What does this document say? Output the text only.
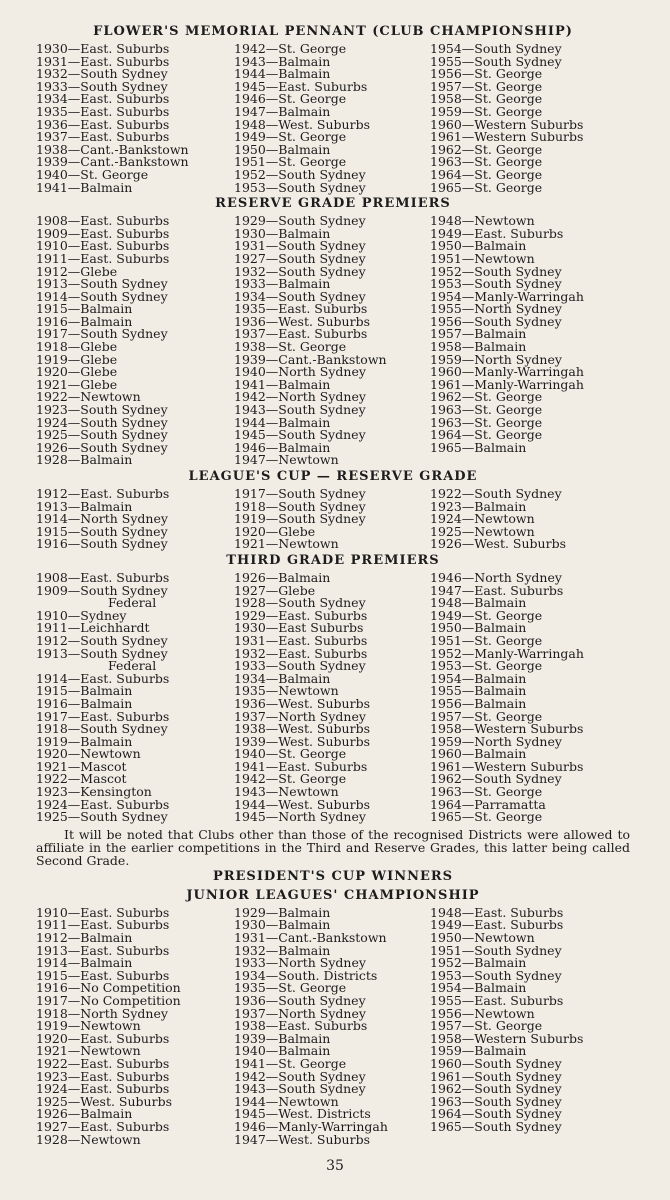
FLOWER'S MEMORIAL PENNANT (CLUB CHAMPIONSHIP)
1930—East. Suburbs
1931—East. Suburbs
1932—South Sydney
1933—South Sydney
1934—East. Suburbs
1935—East. Suburbs
1936—East. Suburbs
1937—East. Suburbs
1938—Cant.-Bankstown
1939—Cant.-Bankstown
1940—St. George
1941—Balmain
1942—St. George
1943—Balmain
1944—Balmain
1945—East. Suburbs
1946—St. George
1947—Balmain
1948—West. Suburbs
1949—St. George
1950—Balmain
1951—St. George
1952—South Sydney
1953—South Sydney
1954—South Sydney
1955—South Sydney
1956—St. George
1957—St. George
1958—St. George
1959—St. George
1960—Western Suburbs
1961—Western Suburbs
1962—St. George
1963—St. George
1964—St. George
1965—St. George
RESERVE GRADE PREMIERS
1908—East. Suburbs
1909—East. Suburbs
1910—East. Suburbs
1911—East. Suburbs
1912—Glebe
1913—South Sydney
1914—South Sydney
1915—Balmain
1916—Balmain
1917—South Sydney
1918—Glebe
1919—Glebe
1920—Glebe
1921—Glebe
1922—Newtown
1923—South Sydney
1924—South Sydney
1925—South Sydney
1926—South Sydney
1928—Balmain
1929—South Sydney
1930—Balmain
1931—South Sydney
1927—South Sydney
1932—South Sydney
1933—Balmain
1934—South Sydney
1935—East. Suburbs
1936—West. Suburbs
1937—East. Suburbs
1938—St. George
1939—Cant.-Bankstown
1940—North Sydney
1941—Balmain
1942—North Sydney
1943—South Sydney
1944—Balmain
1945—South Sydney
1946—Balmain
1947—Newtown
1948—Newtown
1949—East. Suburbs
1950—Balmain
1951—Newtown
1952—South Sydney
1953—South Sydney
1954—Manly-Warringah
1955—North Sydney
1956—South Sydney
1957—Balmain
1958—Balmain
1959—North Sydney
1960—Manly-Warringah
1961—Manly-Warringah
1962—St. George
1963—St. George
1963—St. George
1964—St. George
1965—Balmain
LEAGUE'S CUP — RESERVE GRADE
1912—East. Suburbs
1913—Balmain
1914—North Sydney
1915—South Sydney
1916—South Sydney
1917—South Sydney
1918—South Sydney
1919—South Sydney
1920—Glebe
1921—Newtown
1922—South Sydney
1923—Balmain
1924—Newtown
1925—Newtown
1926—West. Suburbs
THIRD GRADE PREMIERS
1908—East. Suburbs
1909—South Sydney
Federal
1910—Sydney
1911—Leichhardt
1912—South Sydney
1913—South Sydney
Federal
1914—East. Suburbs
1915—Balmain
1916—Balmain
1917—East. Suburbs
1918—South Sydney
1919—Balmain
1920—Newtown
1921—Mascot
1922—Mascot
1923—Kensington
1924—East. Suburbs
1925—South Sydney
1926—Balmain
1927—Glebe
1928—South Sydney
1929—East. Suburbs
1930—East Suburbs
1931—East. Suburbs
1932—East. Suburbs
1933—South Sydney
1934—Balmain
1935—Newtown
1936—West. Suburbs
1937—North Sydney
1938—West. Suburbs
1939—West. Suburbs
1940—St. George
1941—East. Suburbs
1942—St. George
1943—Newtown
1944—West. Suburbs
1945—North Sydney
1946—North Sydney
1947—East. Suburbs
1948—Balmain
1949—St. George
1950—Balmain
1951—St. George
1952—Manly-Warringah
1953—St. George
1954—Balmain
1955—Balmain
1956—Balmain
1957—St. George
1958—Western Suburbs
1959—North Sydney
1960—Balmain
1961—Western Suburbs
1962—South Sydney
1963—St. George
1964—Parramatta
1965—St. George
It will be noted that Clubs other than those of the recognised Districts were allowed to affiliate in the earlier competitions in the Third and Reserve Grades, this latter being called Second Grade.
PRESIDENT'S CUP WINNERS
JUNIOR LEAGUES' CHAMPIONSHIP
1910—East. Suburbs
1911—East. Suburbs
1912—Balmain
1913—East. Suburbs
1914—Balmain
1915—East. Suburbs
1916—No Competition
1917—No Competition
1918—North Sydney
1919—Newtown
1920—East. Suburbs
1921—Newtown
1922—East. Suburbs
1923—East. Suburbs
1924—East. Suburbs
1925—West. Suburbs
1926—Balmain
1927—East. Suburbs
1928—Newtown
1929—Balmain
1930—Balmain
1931—Cant.-Bankstown
1932—Balmain
1933—North Sydney
1934—South. Districts
1935—St. George
1936—South Sydney
1937—North Sydney
1938—East. Suburbs
1939—Balmain
1940—Balmain
1941—St. George
1942—South Sydney
1943—South Sydney
1944—Newtown
1945—West. Districts
1946—Manly-Warringah
1947—West. Suburbs
1948—East. Suburbs
1949—East. Suburbs
1950—Newtown
1951—South Sydney
1952—Balmain
1953—South Sydney
1954—Balmain
1955—East. Suburbs
1956—Newtown
1957—St. George
1958—Western Suburbs
1959—Balmain
1960—South Sydney
1961—South Sydney
1962—South Sydney
1963—South Sydney
1964—South Sydney
1965—South Sydney
35
